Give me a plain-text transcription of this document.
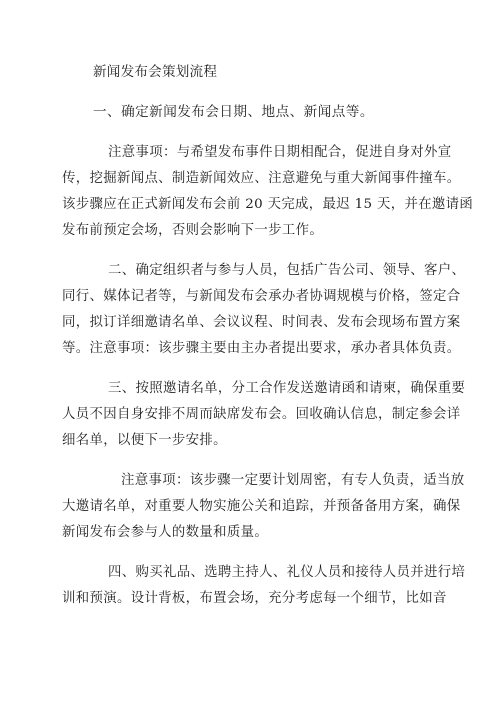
新闻发布会策划流程
一、确定新闻发布会日期、地点、新闻点等。
注意事项：与希望发布事件日期相配合，促进自身对外宣
传，挖掘新闻点、制造新闻效应、注意避免与重大新闻事件撞车。
该步骤应在正式新闻发布会前 20 天完成，最迟 15 天，并在邀请函
发布前预定会场，否则会影响下一步工作。
二、确定组织者与参与人员，包括广告公司、领导、客户、
同行、媒体记者等，与新闻发布会承办者协调规模与价格，签定合
同，拟订详细邀请名单、会议议程、时间表、发布会现场布置方案
等。注意事项：该步骤主要由主办者提出要求，承办者具体负责。
三、按照邀请名单，分工合作发送邀请函和请柬，确保重要
人员不因自身安排不周而缺席发布会。回收确认信息，制定参会详
细名单，以便下一步安排。
注意事项：该步骤一定要计划周密，有专人负责，适当放
大邀请名单，对重要人物实施公关和追踪，并预备备用方案，确保
新闻发布会参与人的数量和质量。
四、购买礼品、选聘主持人、礼仪人员和接待人员并进行培
训和预演。设计背板，布置会场，充分考虑每一个细节，比如音
